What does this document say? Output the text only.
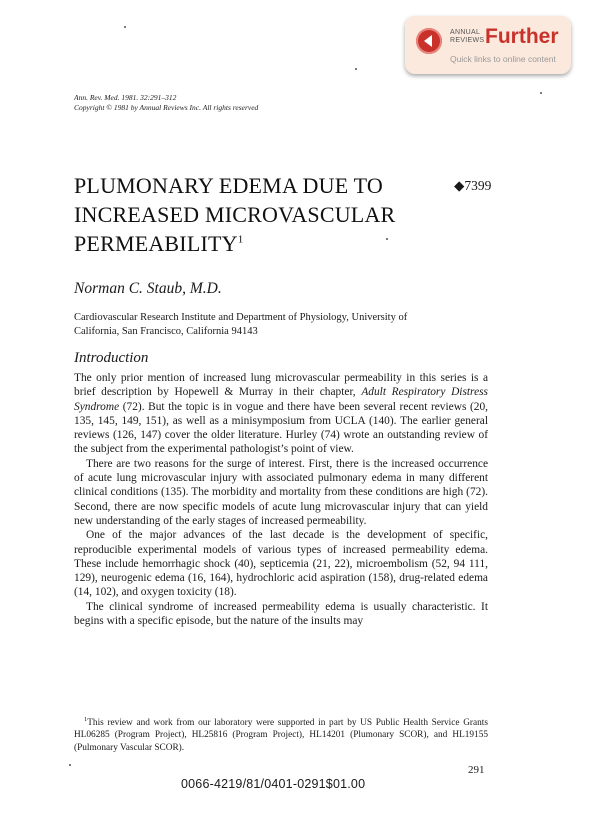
ANNUAL
REVIEWS Further
Quick links to online content
Ann. Rev. Med. 1981. 32:291–312
Copyright © 1981 by Annual Reviews Inc. All rights reserved
PLUMONARY EDEMA DUE TO
INCREASED MICROVASCULAR
PERMEABILITY$^1$
◆7399
Norman C. Staub, M.D.
Cardiovascular Research Institute and Department of Physiology, University of
California, San Francisco, California 94143
Introduction

The only prior mention of increased lung microvascular permeability in this series is a brief description by Hopewell & Murray in their chapter, Adult Respiratory Distress Syndrome (72). But the topic is in vogue and there have been several recent reviews (20, 135, 145, 149, 151), as well as a minisymposium from UCLA (140). The earlier general reviews (126, 147) cover the older literature. Hurley (74) wrote an outstanding review of the subject from the experimental pathologist’s point of view.

There are two reasons for the surge of interest. First, there is the increased occurrence of acute lung microvascular injury with associated pulmonary edema in many different clinical conditions (135). The morbidity and mortality from these conditions are high (72). Second, there are now specific models of acute lung microvascular injury that can yield new understanding of the early stages of increased permeability.

One of the major advances of the last decade is the development of specific, reproducible experimental models of various types of increased permeability edema. These include hemorrhagic shock (40), septicemia (21, 22), microembolism (52, 94 111, 129), neurogenic edema (16, 164), hydrochloric acid aspiration (158), drug-related edema (14, 102), and oxygen toxicity (18).

The clinical syndrome of increased permeability edema is usually characteristic. It begins with a specific episode, but the nature of the insults may

$^1$This review and work from our laboratory were supported in part by US Public Health Service Grants HL06285 (Program Project), HL25816 (Program Project), HL14201 (Plumonary SCOR), and HL19155 (Pulmonary Vascular SCOR).
291
0066-4219/81/0401-0291$01.00
